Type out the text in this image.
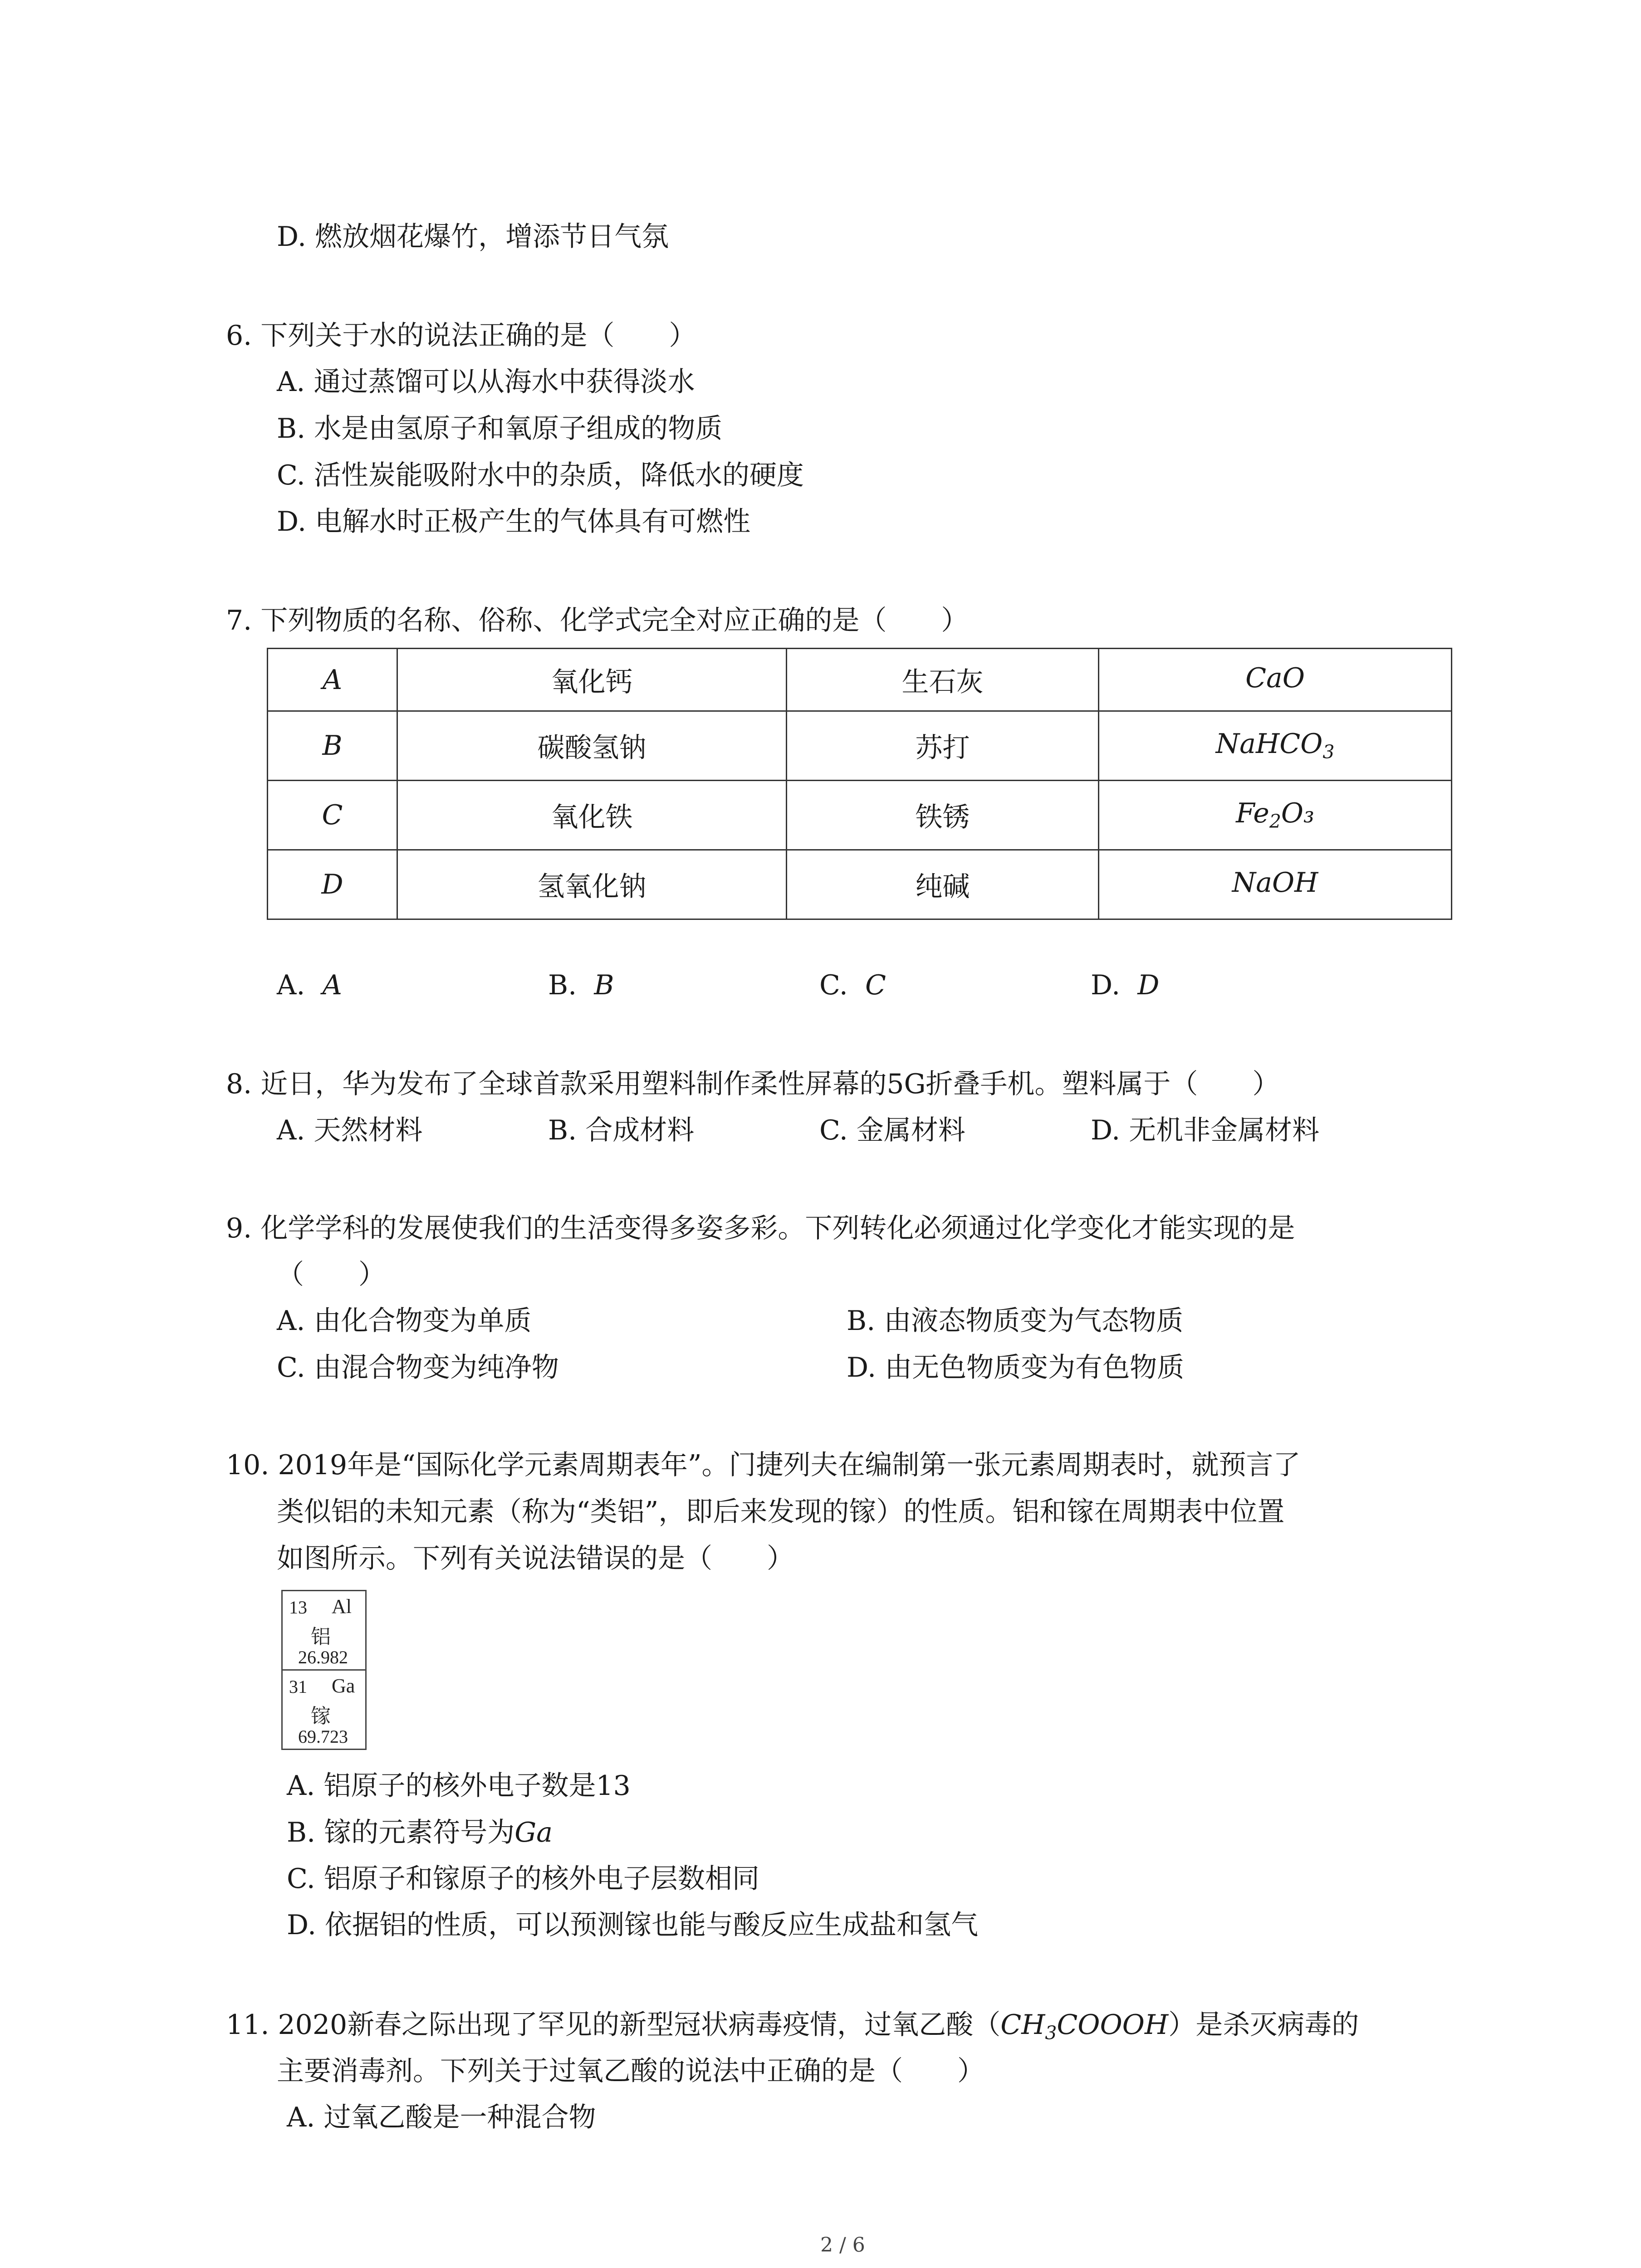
D. 燃放烟花爆竹，增添节日气氛
6. 下列关于水的说法正确的是（　　）
A. 通过蒸馏可以从海水中获得淡水
B. 水是由氢原子和氧原子组成的物质
C. 活性炭能吸附水中的杂质，降低水的硬度
D. 电解水时正极产生的气体具有可燃性
7. 下列物质的名称、俗称、化学式完全对应正确的是（　　）
A	氧化钙	生石灰	CaO
B	碳酸氢钠	苏打	NaHCO$_3$
C	氧化铁	铁锈	$Fe_2O_3$
D	氢氧化钠	纯碱	NaOH
A. A	B. B	C. C	D. D
8. 近日，华为发布了全球首款采用塑料制作柔性屏幕的5G折叠手机。塑料属于（　　）
A. 天然材料	B. 合成材料	C. 金属材料	D. 无机非金属材料
9. 化学学科的发展使我们的生活变得多姿多彩。下列转化必须通过化学变化才能实现的是
（　　）
A. 由化合物变为单质	B. 由液态物质变为气态物质
C. 由混合物变为纯净物	D. 由无色物质变为有色物质
10. 2019年是“国际化学元素周期表年”。门捷列夫在编制第一张元素周期表时，就预言了
类似铝的未知元素（称为“类铝”，即后来发现的镓）的性质。铝和镓在周期表中位置
如图所示。下列有关说法错误的是（　　）
13 Al
铝
26.982
31 Ga
镓
69.723
A. 铝原子的核外电子数是13
B. 镓的元素符号为Ga
C. 铝原子和镓原子的核外电子层数相同
D. 依据铝的性质，可以预测镓也能与酸反应生成盐和氢气
11. 2020新春之际出现了罕见的新型冠状病毒疫情，过氧乙酸$(CH_3COOOH)$是杀灭病毒的
主要消毒剂。下列关于过氧乙酸的说法中正确的是（　　）
A. 过氧乙酸是一种混合物
2 / 6
